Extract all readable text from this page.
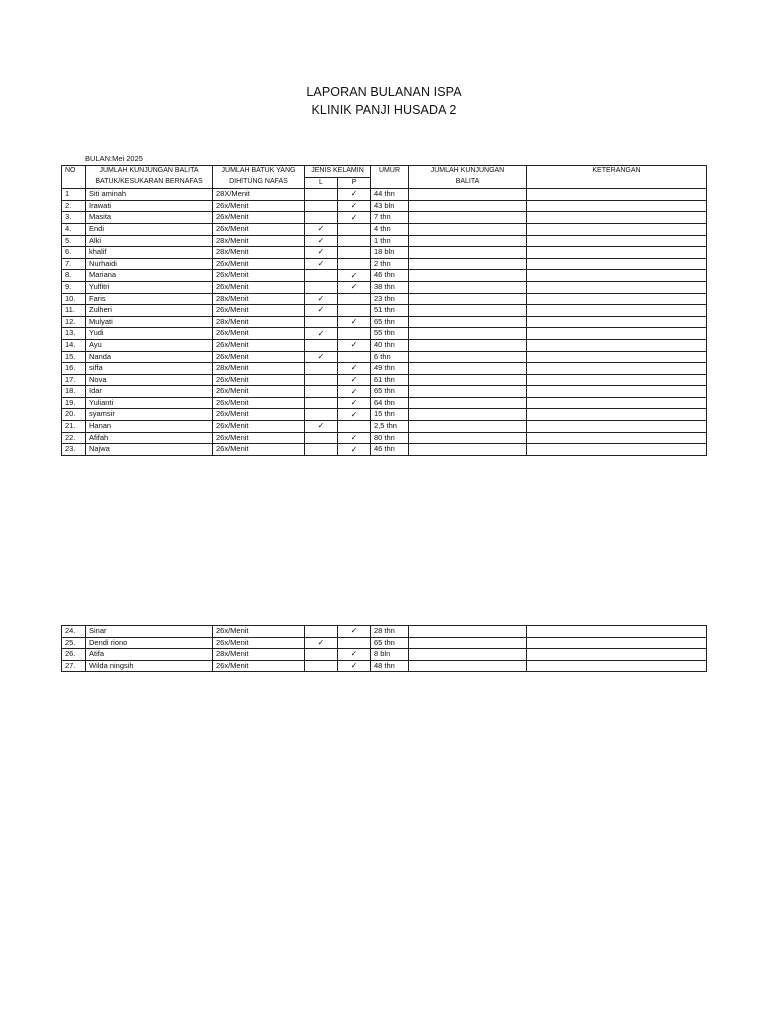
LAPORAN BULANAN ISPA
KLINIK PANJI HUSADA 2
BULAN:Mei 2025
NO	JUMLAH KUNJUNGAN BALITA	JUMLAH BATUK YANG	JENIS KELAMIN		UMUR	JUMLAH KUNJUNGAN	KETERANGAN
	BATUK/KESUKARAN BERNAFAS	DIHITUNG NAFAS	L	P		BALITA	
1	Siti aminah	28X/Menit		✓	44 thn		
2.	Irawati	26x/Menit		✓	43 bln		
3.	Masita	26x/Menit		✓	7 thn		
4.	Endi	26x/Menit	✓		4 thn		
5.	Alki	28x/Menit	✓		1 thn		
6.	khalif	28x/Menit	✓		18 bln		
7.	Nurhaidi	26x/Menit	✓		2 thn		
8.	Mariana	26x/Menit		✓	46 thn		
9.	Yulfitri	26x/Menit		✓	38 thn		
10.	Faris	28x/Menit	✓		23 thn		
11.	Zulheri	26x/Menit	✓		51 thn		
12.	Mulyati	28x/Menit		✓	65 thn		
13.	Yudi	26x/Menit	✓		55 thn		
14.	Ayu	26x/Menit		✓	40 thn		
15.	Nanda	26x/Menit	✓		6 thn		
16.	siffa	28x/Menit		✓	49 thn		
17.	Nova	26x/Menit		✓	61 thn		
18.	Idar	26x/Menit		✓	65 thn		
19.	Yulianti	26x/Menit		✓	64 thn		
20.	syamsir	26x/Menit		✓	15 thn		
21.	Hanan	26x/Menit	✓		2,5 thn		
22.	Afifah	26x/Menit		✓	80 thn		
23.	Najwa	26x/Menit		✓	46 thn		
24.	Sinar	26x/Menit		✓	28 thn		
25.	Dendi riono	26x/Menit	✓		65 thn		
26.	Atifa	28x/Menit		✓	8 bln		
27.	Wilda ningsih	26x/Menit		✓	48 thn		
